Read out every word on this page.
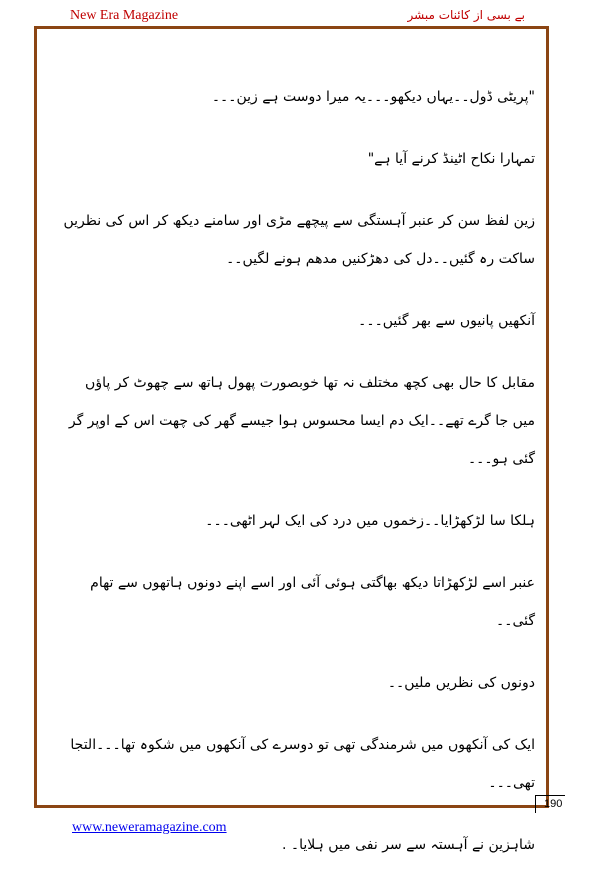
New Era Magazine	بے بسی از کائنات مبشر

"پریٹی ڈول۔۔یہاں دیکھو۔۔۔یہ میرا دوست ہے زین۔۔۔

تمہارا نکاح اٹینڈ کرنے آیا ہے"

زین لفظ سن کر عنبر آہستگی سے پیچھے مڑی اور سامنے دیکھ کر اس کی نظریں ساکت رہ گئیں۔۔دل کی دھڑکنیں مدھم ہونے لگیں۔۔

آنکھیں پانیوں سے بھر گئیں۔۔۔

مقابل کا حال بھی کچھ مختلف نہ تھا خوبصورت پھول ہاتھ سے چھوٹ کر پاؤں میں جا گرے تھے۔۔ایک دم ایسا محسوس ہوا جیسے گھر کی چھت اس کے اوپر گر گئی ہو۔۔۔

ہلکا سا لڑکھڑایا۔۔زخموں میں درد کی ایک لہر اٹھی۔۔۔

عنبر اسے لڑکھڑاتا دیکھ بھاگتی ہوئی آئی اور اسے اپنے دونوں ہاتھوں سے تھام گئی۔۔

دونوں کی نظریں ملیں۔۔

ایک کی آنکھوں میں شرمندگی تھی تو دوسرے کی آنکھوں میں شکوہ تھا۔۔۔التجا تھی۔۔۔

شاہزین نے آہستہ سے سر نفی میں ہلایا۔ .

190
www.neweramagazine.com
